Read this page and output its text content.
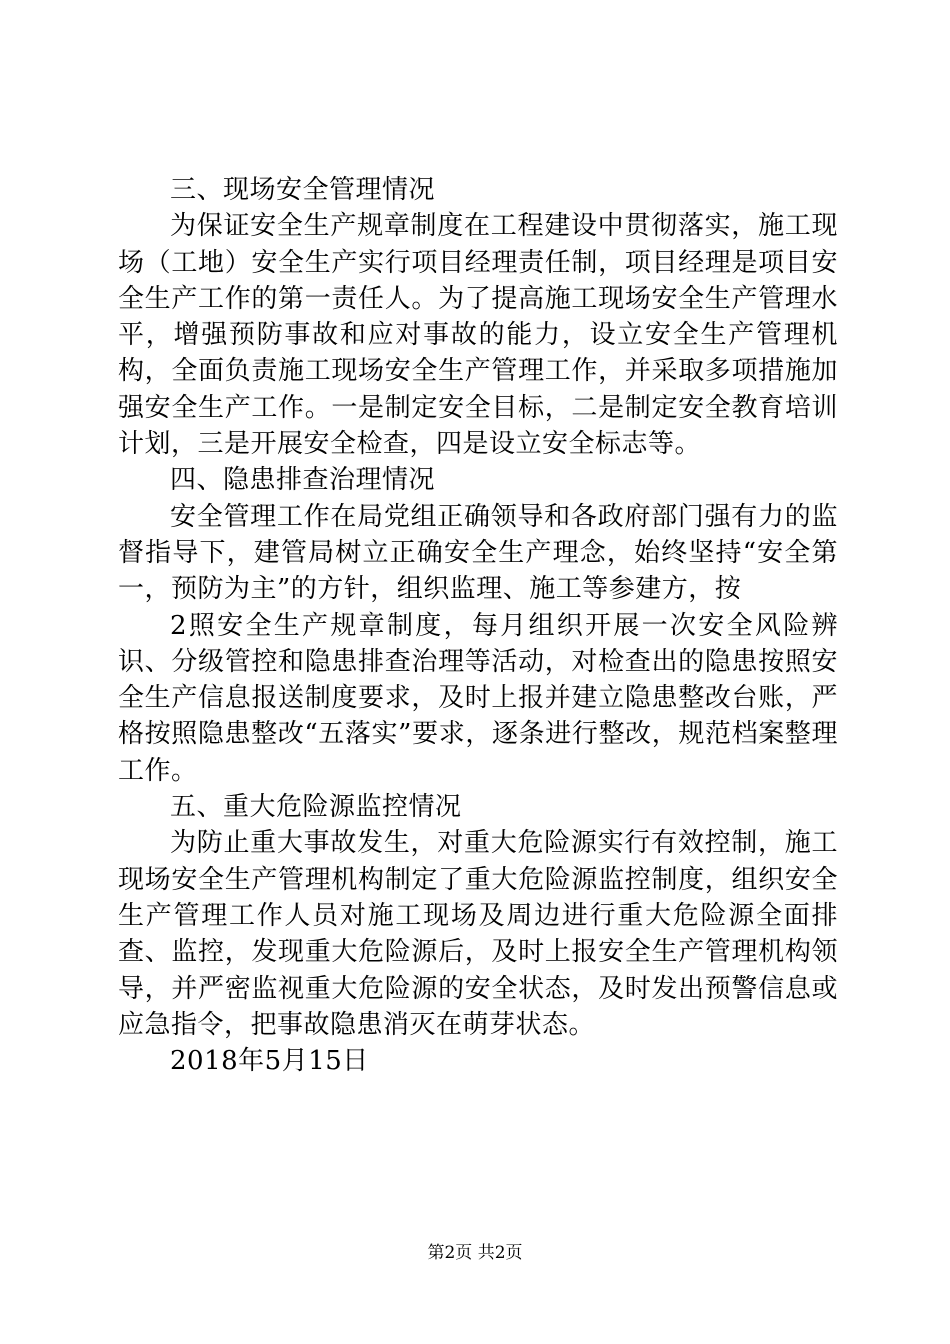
三、现场安全管理情况

为保证安全生产规章制度在工程建设中贯彻落实，施工现场（工地）安全生产实行项目经理责任制，项目经理是项目安全生产工作的第一责任人。为了提高施工现场安全生产管理水平，增强预防事故和应对事故的能力，设立安全生产管理机构，全面负责施工现场安全生产管理工作，并采取多项措施加强安全生产工作。一是制定安全目标，二是制定安全教育培训计划，三是开展安全检查，四是设立安全标志等。

四、隐患排查治理情况

安全管理工作在局党组正确领导和各政府部门强有力的监督指导下，建管局树立正确安全生产理念，始终坚持“安全第一，预防为主”的方针，组织监理、施工等参建方，按

2照安全生产规章制度，每月组织开展一次安全风险辨识、分级管控和隐患排查治理等活动，对检查出的隐患按照安全生产信息报送制度要求，及时上报并建立隐患整改台账，严格按照隐患整改“五落实”要求，逐条进行整改，规范档案整理工作。

五、重大危险源监控情况

为防止重大事故发生，对重大危险源实行有效控制，施工现场安全生产管理机构制定了重大危险源监控制度，组织安全生产管理工作人员对施工现场及周边进行重大危险源全面排查、监控，发现重大危险源后，及时上报安全生产管理机构领导，并严密监视重大危险源的安全状态，及时发出预警信息或应急指令，把事故隐患消灭在萌芽状态。

2018年5月15日

第2页 共2页
